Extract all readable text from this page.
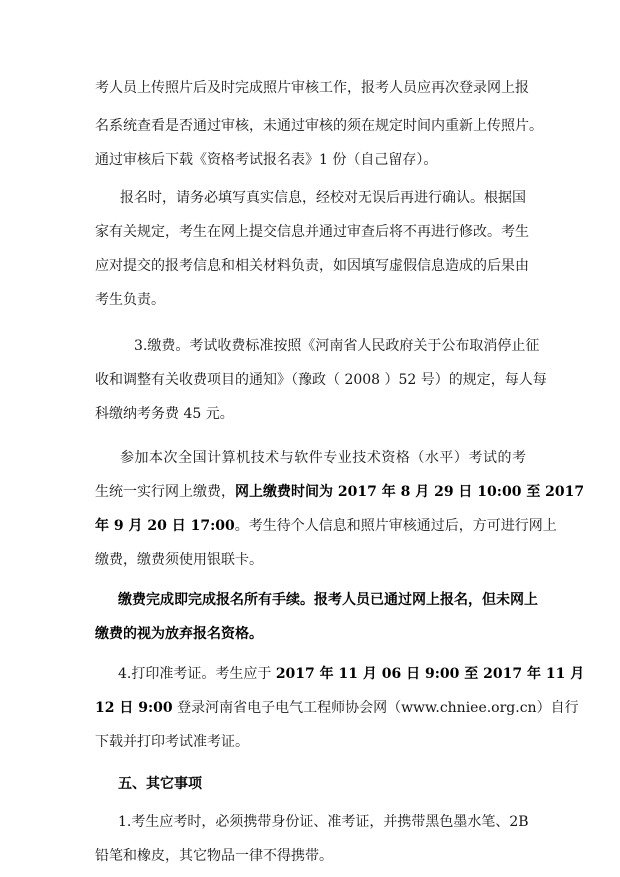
考人员上传照片后及时完成照片审核工作，报考人员应再次登录网上报
名系统查看是否通过审核，未通过审核的须在规定时间内重新上传照片。
通过审核后下载《资格考试报名表》1 份（自己留存）。
报名时，请务必填写真实信息，经校对无误后再进行确认。根据国
家有关规定，考生在网上提交信息并通过审查后将不再进行修改。考生
应对提交的报考信息和相关材料负责，如因填写虚假信息造成的后果由
考生负责。
3.缴费。考试收费标准按照《河南省人民政府关于公布取消停止征
收和调整有关收费项目的通知》（豫政（ 2008 ）52 号）的规定，每人每
科缴纳考务费 45 元。
参加本次全国计算机技术与软件专业技术资格（水平）考试的考
生统一实行网上缴费，网上缴费时间为 2017 年 8 月 29 日 10:00 至 2017
年 9 月 20 日 17:00。考生待个人信息和照片审核通过后，方可进行网上
缴费，缴费须使用银联卡。
缴费完成即完成报名所有手续。报考人员已通过网上报名，但未网上
缴费的视为放弃报名资格。
4.打印准考证。考生应于 2017 年 11 月 06 日 9:00 至 2017 年 11 月
12 日 9:00 登录河南省电子电气工程师协会网（www.chniee.org.cn）自行
下载并打印考试准考证。
五、其它事项
1.考生应考时，必须携带身份证、准考证，并携带黑色墨水笔、2B
铅笔和橡皮，其它物品一律不得携带。
